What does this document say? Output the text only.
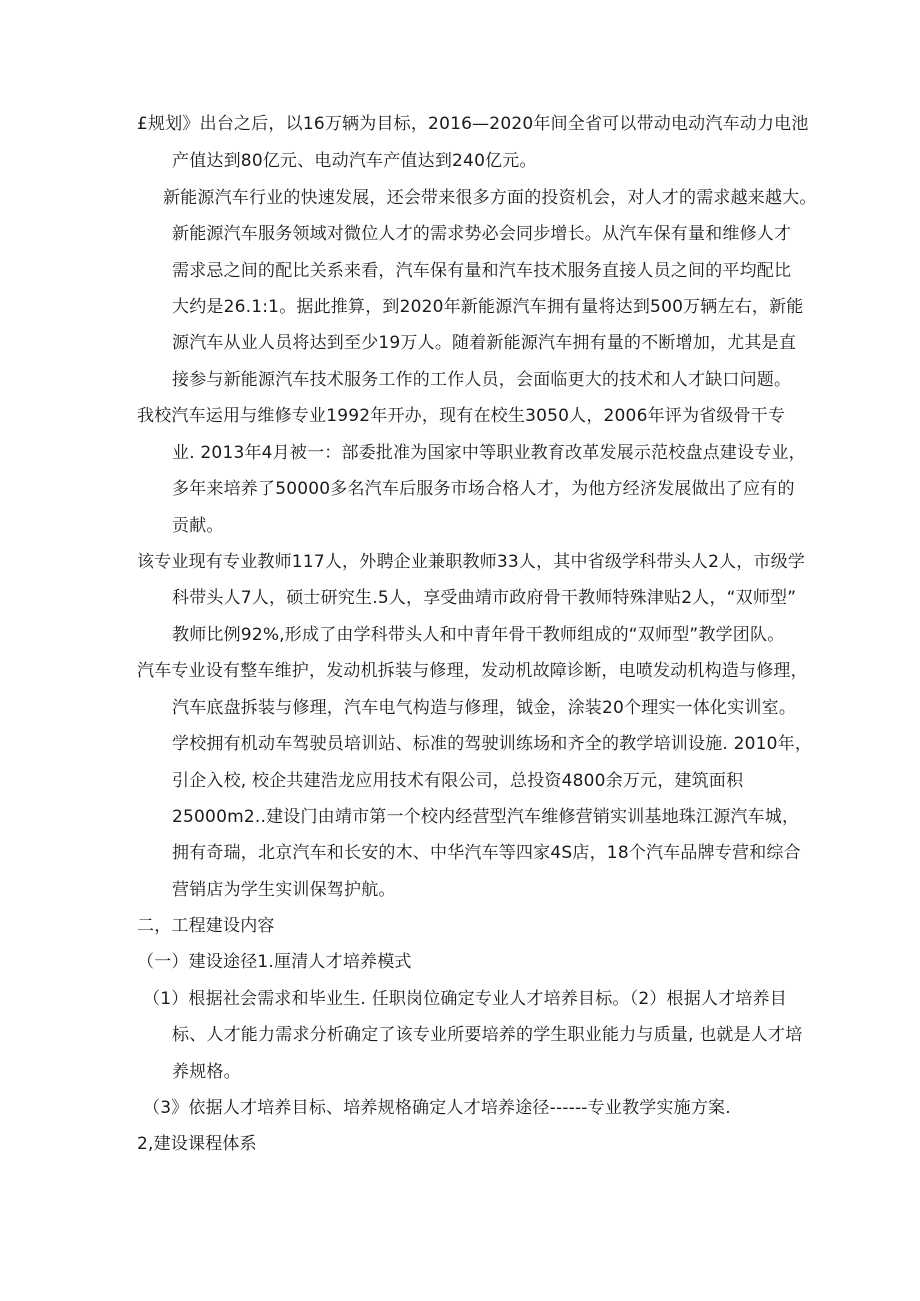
£规划》出台之后，以16万辆为目标，2016—2020年间全省可以带动电动汽车动力电池
产值达到80亿元、电动汽车产值达到240亿元。
新能源汽车行业的快速发展，还会带来很多方面的投资机会，对人才的需求越来越大。
新能源汽车服务领域对微位人才的需求势必会同步增长。从汽车保有量和维修人才
需求忌之间的配比关系来看，汽车保有量和汽车技术服务直接人员之间的平均配比
大约是26.1:1。据此推算，到2020年新能源汽车拥有量将达到500万辆左右，新能
源汽车从业人员将达到至少19万人。随着新能源汽车拥有量的不断增加，尤其是直
接参与新能源汽车技术服务工作的工作人员，会面临更大的技术和人才缺口问题。
我校汽车运用与维修专业1992年开办，现有在校生3050人，2006年评为省级骨干专
业. 2013年4月被一：部委批准为国家中等职业教育改革发展示范校盘点建设专业，
多年来培养了50000多名汽车后服务市场合格人才，为他方经济发展做出了应有的
贡献。
该专业现有专业教师117人，外聘企业兼职教师33人，其中省级学科带头人2人，市级学
科带头人7人，硕士研究生.5人，享受曲靖市政府骨干教师特殊津贴2人，“双师型”
教师比例92%,形成了由学科带头人和中青年骨干教师组成的“双师型”教学团队。
汽车专业设有整车维护，发动机拆装与修理，发动机故障诊断，电喷发动机构造与修理，
汽车底盘拆装与修理，汽车电气构造与修理，钺金，涂装20个理实一体化实训室。
学校拥有机动车驾驶员培训站、标准的驾驶训练场和齐全的教学培训设施. 2010年，
引企入校, 校企共建浩龙应用技术有限公司，总投资4800余万元，建筑面积
25000m2..建设门由靖市第一个校内经营型汽车维修营销实训基地珠江源汽车城，
拥有奇瑞，北京汽车和长安的木、中华汽车等四家4S店，18个汽车品牌专营和综合
营销店为学生实训保驾护航。
二，工程建设内容
（一）建设途径1.厘清人才培养模式
（1）根据社会需求和毕业生. 任职岗位确定专业人才培养目标。（2）根据人才培养目
标、人才能力需求分析确定了该专业所要培养的学生职业能力与质量, 也就是人才培
养规格。
（3》依据人才培养目标、培养规格确定人才培养途径------专业教学实施方案.
2,建设课程体系
